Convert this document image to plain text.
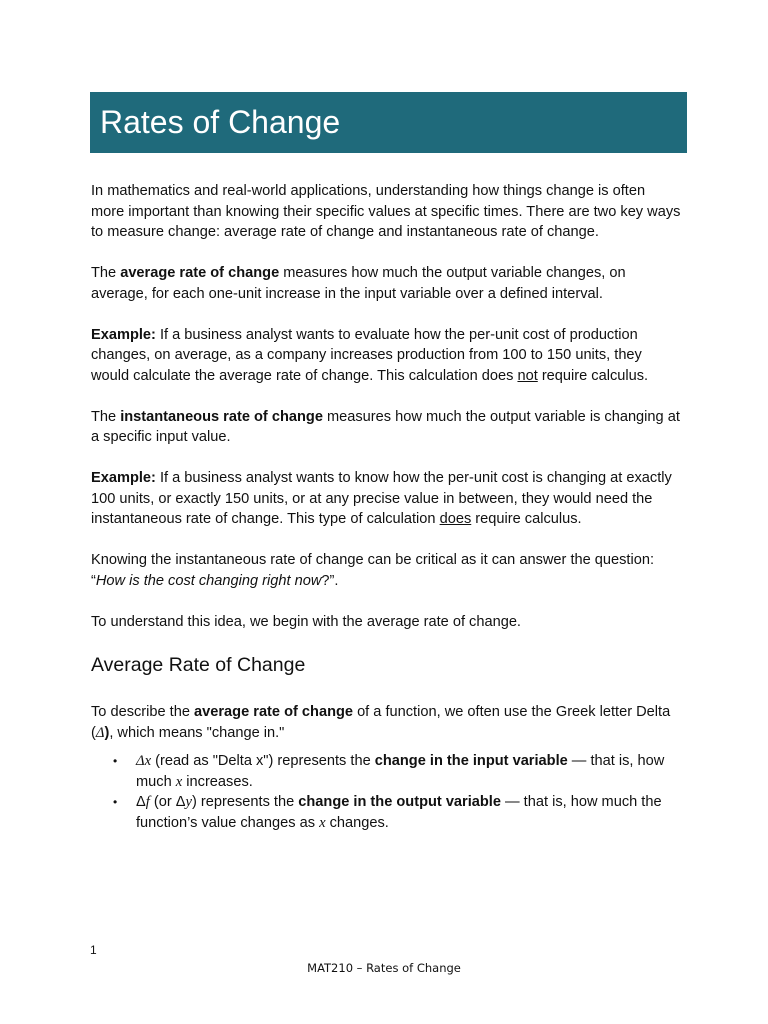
Rates of Change

In mathematics and real-world applications, understanding how things change is often more important than knowing their specific values at specific times. There are two key ways to measure change: average rate of change and instantaneous rate of change.

The average rate of change measures how much the output variable changes, on average, for each one-unit increase in the input variable over a defined interval.

Example: If a business analyst wants to evaluate how the per-unit cost of production changes, on average, as a company increases production from 100 to 150 units, they would calculate the average rate of change. This calculation does not require calculus.

The instantaneous rate of change measures how much the output variable is changing at a specific input value.

Example: If a business analyst wants to know how the per-unit cost is changing at exactly 100 units, or exactly 150 units, or at any precise value in between, they would need the instantaneous rate of change. This type of calculation does require calculus.

Knowing the instantaneous rate of change can be critical as it can answer the question: “How is the cost changing right now?”.

To understand this idea, we begin with the average rate of change.

Average Rate of Change

To describe the average rate of change of a function, we often use the Greek letter Delta (Δ), which means "change in."

• Δx (read as "Delta x") represents the change in the input variable — that is, how much x increases.
• Δf (or Δy) represents the change in the output variable — that is, how much the function’s value changes as x changes.
1
MAT210 – Rates of Change
